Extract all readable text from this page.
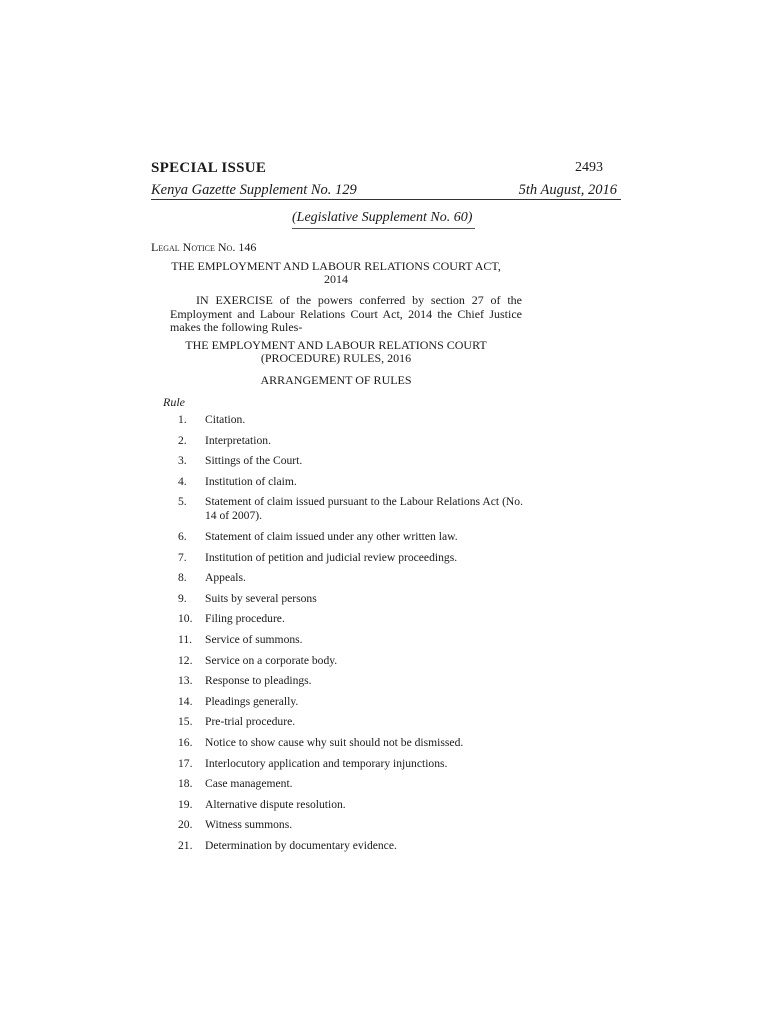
SPECIAL ISSUE	2493
Kenya Gazette Supplement No. 129	5th August, 2016
(Legislative Supplement No. 60)
Legal Notice No. 146
THE EMPLOYMENT AND LABOUR RELATIONS COURT ACT,
2014
IN EXERCISE of the powers conferred by section 27 of the Employment and Labour Relations Court Act, 2014 the Chief Justice makes the following Rules-
THE EMPLOYMENT AND LABOUR RELATIONS COURT
(PROCEDURE) RULES, 2016
ARRANGEMENT OF RULES
Rule
1.	Citation.
2.	Interpretation.
3.	Sittings of the Court.
4.	Institution of claim.
5.	Statement of claim issued pursuant to the Labour Relations Act (No. 14 of 2007).
6.	Statement of claim issued under any other written law.
7.	Institution of petition and judicial review proceedings.
8.	Appeals.
9.	Suits by several persons
10.	Filing procedure.
11.	Service of summons.
12.	Service on a corporate body.
13.	Response to pleadings.
14.	Pleadings generally.
15.	Pre-trial procedure.
16.	Notice to show cause why suit should not be dismissed.
17.	Interlocutory application and temporary injunctions.
18.	Case management.
19.	Alternative dispute resolution.
20.	Witness summons.
21.	Determination by documentary evidence.
